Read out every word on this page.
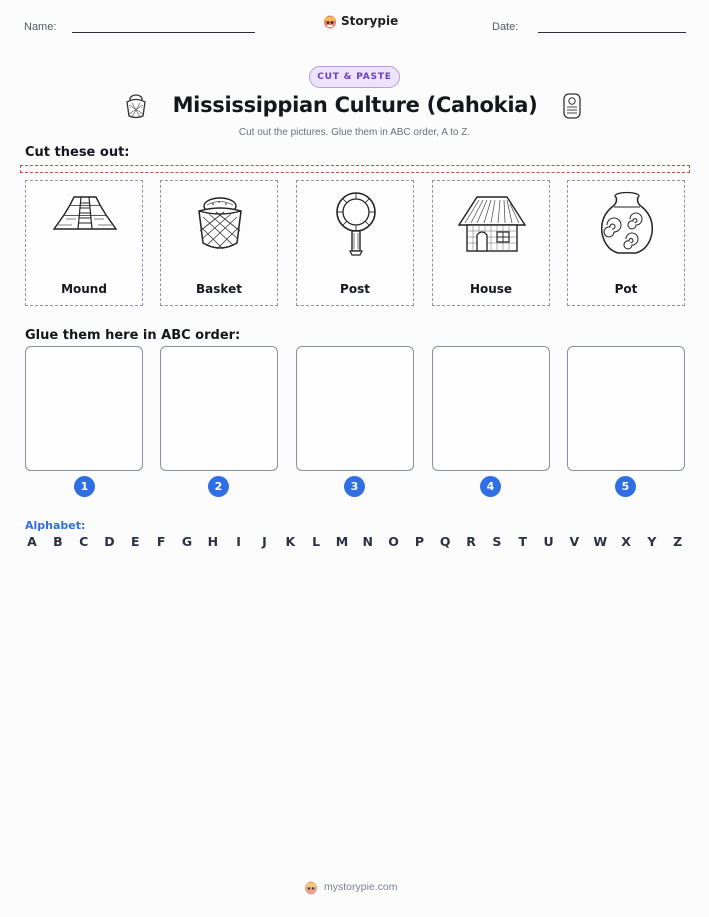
Name:	Storypie	Date:
CUT & PASTE
Mississippian Culture (Cahokia)
Cut out the pictures. Glue them in ABC order, A to Z.
Cut these out:
Mound	Basket	Post	House	Pot
Glue them here in ABC order:
1	2	3	4	5
Alphabet:
A B C D E F G H	I	J	K L M N O P Q R S T U V W X Y Z
mystorypie.com
